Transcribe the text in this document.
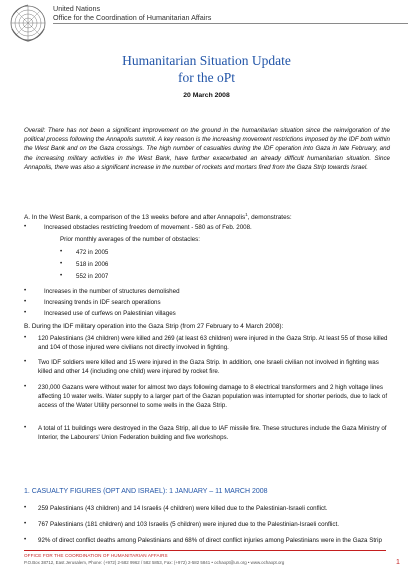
United Nations
Office for the Coordination of Humanitarian Affairs
Humanitarian Situation Update
for the oPt
20 March 2008
Overall: There has not been a significant improvement on the ground in the humanitarian situation since the reinvigoration of the political process following the Annapolis summit. A key reason is the increasing movement restrictions imposed by the IDF both within the West Bank and on the Gaza crossings. The high number of casualties during the IDF operation into Gaza in late February, and the increasing military activities in the West Bank, have further exacerbated an already difficult humanitarian situation. Since Annapolis, there was also a significant increase in the number of rockets and mortars fired from the Gaza Strip towards Israel.
A. In the West Bank, a comparison of the 13 weeks before and after Annapolis$^1$, demonstrates:
•	Increased obstacles restricting freedom of movement - 580 as of Feb. 2008.
Prior monthly averages of the number of obstacles:
• 472 in 2005
• 518 in 2006
• 552 in 2007
•	Increases in the number of structures demolished
•	Increasing trends in IDF search operations
•	Increased use of curfews on Palestinian villages
B. During the IDF military operation into the Gaza Strip (from 27 February to 4 March 2008):
• 120 Palestinians (34 children) were killed and 269 (at least 63 children) were injured in the Gaza Strip. At least 55 of those killed and 104 of those injured were civilians not directly involved in fighting.
• Two IDF soldiers were killed and 15 were injured in the Gaza Strip. In addition, one Israeli civilian not involved in fighting was killed and other 14 (including one child) were injured by rocket fire.
• 230,000 Gazans were without water for almost two days following damage to 8 electrical transformers and 2 high voltage lines affecting 10 water wells. Water supply to a larger part of the Gazan population was interrupted for shorter periods, due to lack of access of the Water Utility personnel to some wells in the Gaza Strip.
• A total of 11 buildings were destroyed in the Gaza Strip, all due to IAF missile fire. These structures include the Gaza Ministry of Interior, the Labourers' Union Federation building and five workshops.
1. CASUALTY FIGURES (OPT AND ISRAEL): 1 JANUARY – 11 MARCH 2008
• 259 Palestinians (43 children) and 14 Israelis (4 children) were killed due to the Palestinian-Israeli conflict.
• 767 Palestinians (181 children) and 103 Israelis (5 children) were injured due to the Palestinian-Israeli conflict.
• 92% of direct conflict deaths among Palestinians and 68% of direct conflict injuries among Palestinians were in the Gaza Strip
OFFICE FOR THE COORDINATION OF HUMANITARIAN AFFAIRS
P.O.Box 38712, East Jerusalem, Phone: (+972) 2-582 9962 / 582 5853, Fax: (+972) 2-582 5841 • ochaopt@un.org • www.ochaopt.org	1
